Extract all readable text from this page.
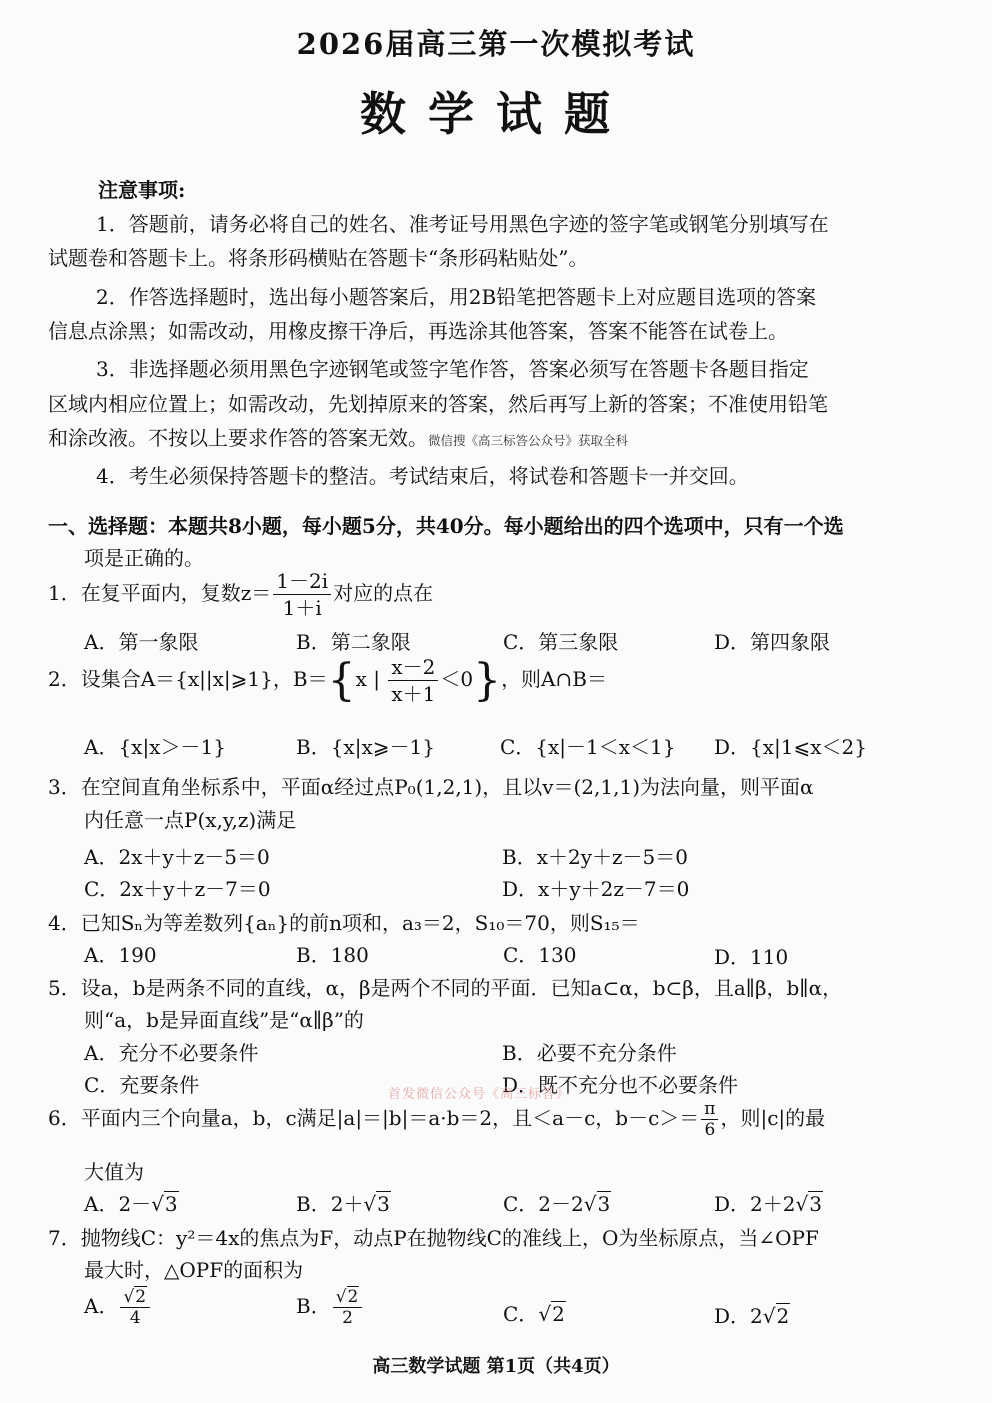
2026届高三第一次模拟考试
数学试题
注意事项:
1．答题前，请务必将自己的姓名、准考证号用黑色字迹的签字笔或钢笔分别填写在
试题卷和答题卡上。将条形码横贴在答题卡“条形码粘贴处”。
2．作答选择题时，选出每小题答案后，用2B铅笔把答题卡上对应题目选项的答案
信息点涂黑；如需改动，用橡皮擦干净后，再选涂其他答案，答案不能答在试卷上。
3．非选择题必须用黑色字迹钢笔或签字笔作答，答案必须写在答题卡各题目指定
区域内相应位置上；如需改动，先划掉原来的答案，然后再写上新的答案；不准使用铅笔
和涂改液。不按以上要求作答的答案无效。微信搜《高三标答公众号》获取全科
4．考生必须保持答题卡的整洁。考试结束后，将试卷和答题卡一并交回。
一、选择题：本题共8小题，每小题5分，共40分。每小题给出的四个选项中，只有一个选
项是正确的。
1．在复平面内，复数$z= \frac{1-2i}{1+i}$ 对应的点在
A．第一象限	B．第二象限	C．第三象限	D．第四象限
2．设集合A＝{x||x|⩾1}，B＝{x | $\frac{x-2}{x+1} <0$}，则A∩B＝
A．{x|x＞－1}	B．{x|x⩾－1}	C．{x|－1＜x＜1} D．{x|1⩽x＜2}
3．在空间直角坐标系中，平面α经过点P₀(1,2,1)，且以v＝(2,1,1)为法向量，则平面α
内任意一点P(x,y,z)满足
A．2x＋y＋z－5＝0	B．x＋2y＋z－5＝0
C．2x＋y＋z－7＝0	D．x＋y＋2z－7＝0
4．已知Sₙ为等差数列{aₙ}的前n项和，a₃＝2，S₁₀＝70，则S₁₅＝
A．190	B．180	C．130	D．110
5．设a，b是两条不同的直线，α，β是两个不同的平面．已知a⊂α，b⊂β，且a∥β，b∥α，
则“a，b是异面直线”是“α∥β”的
A．充分不必要条件	B．必要不充分条件
C．充要条件	D．既不充分也不必要条件
首发微信公众号《高三标答》
6．平面内三个向量a，b，c满足|a|＝|b|＝a·b＝2，且＜a－c，$b-c>= \frac{\pi}{6}$ ，则|c|的最
大值为
A．2－√3	B．2＋√3	C．2－2√3	D．2＋2√3
7．抛物线C：y²＝4x的焦点为F，动点P在抛物线C的准线上，O为坐标原点，当∠OPF
最大时，△OPF的面积为
A． $\frac{√2}{4}$	B． $\frac{√2}{2}$	C．√2	D．2√2
高三数学试题 第1页（共4页）
